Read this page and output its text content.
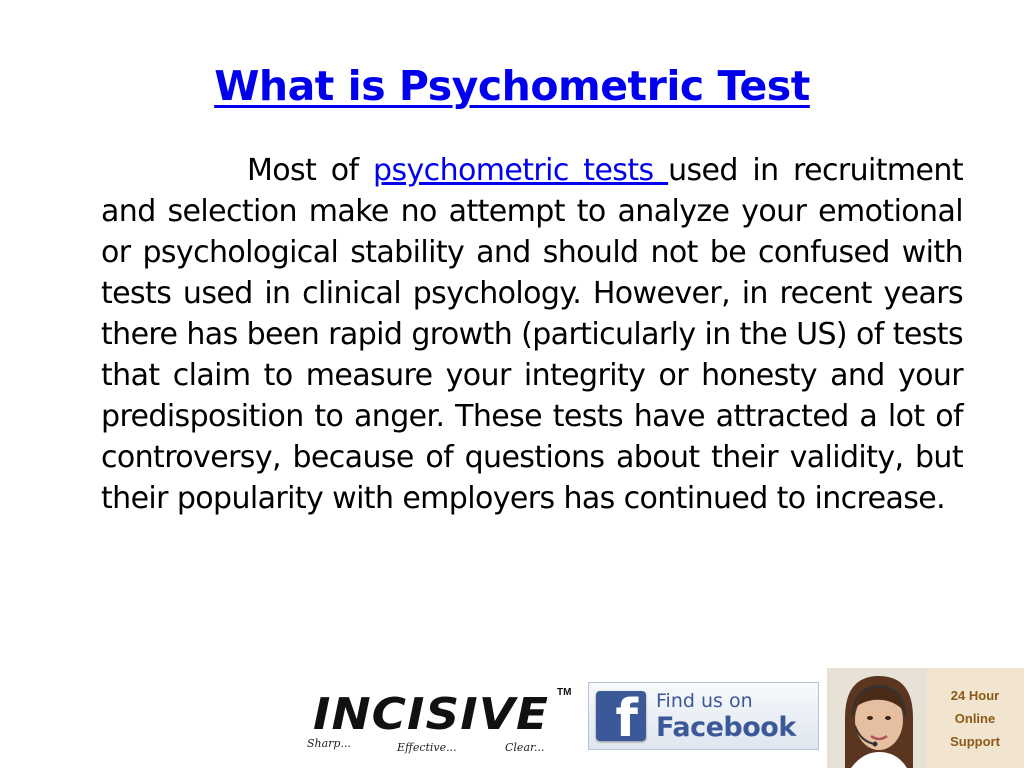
What is Psychometric Test

Most of psychometric tests used in recruitment and selection make no attempt to analyze your emotional or psychological stability and should not be confused with tests used in clinical psychology. However, in recent years there has been rapid growth (particularly in the US) of tests that claim to measure your integrity or honesty and your predisposition to anger. These tests have attracted a lot of controversy, because of questions about their validity, but their popularity with employers has continued to increase.

INCISIVE TM
Sharp...	Effective...	Clear... f Find us on
Facebook
24 Hour
Online
Support
